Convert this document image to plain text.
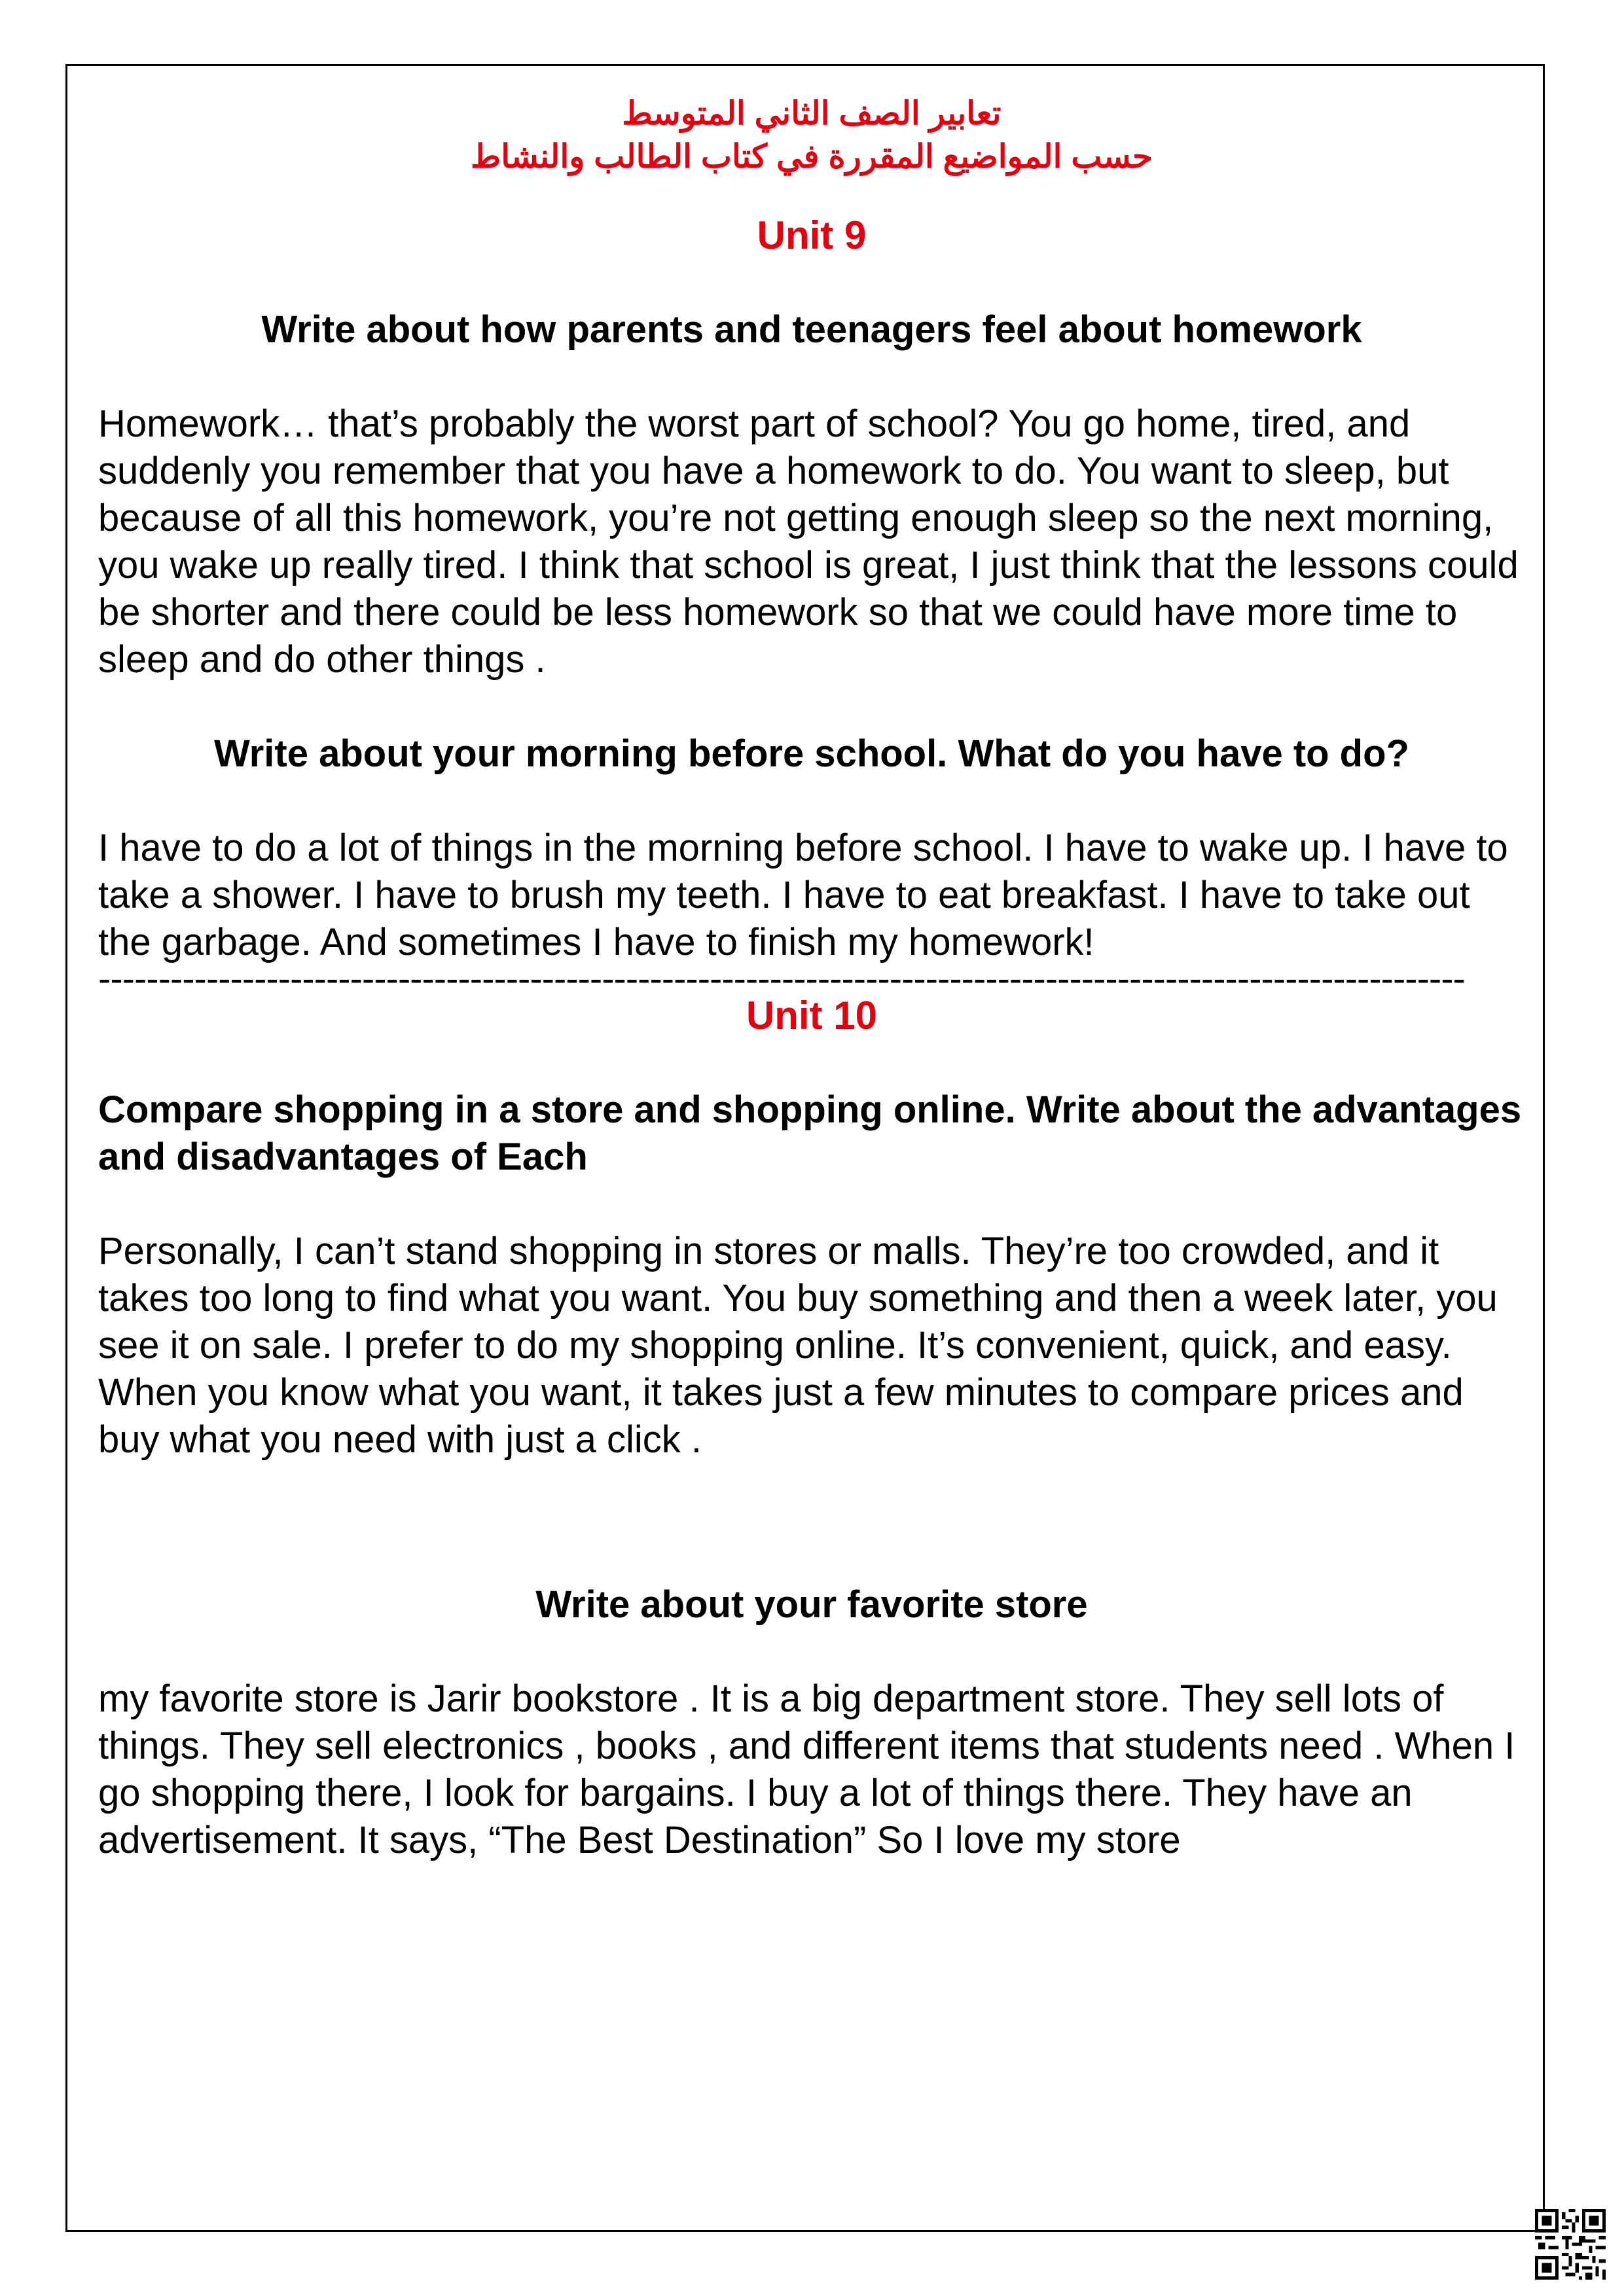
تعابير الصف الثاني المتوسط

حسب المواضيع المقررة في كتاب الطالب والنشاط

Unit 9

Write about how parents and teenagers feel about homework

Homework… that’s probably the worst part of school? You go home, tired, and suddenly you remember that you have a homework to do. You want to sleep, but because of all this homework, you’re not getting enough sleep so the next morning, you wake up really tired. I think that school is great, I just think that the lessons could be shorter and there could be less homework so that we could have more time to sleep and do other things .

Write about your morning before school. What do you have to do?

I have to do a lot of things in the morning before school. I have to wake up. I have to take a shower. I have to brush my teeth. I have to eat breakfast. I have to take out the garbage. And sometimes I have to finish my homework!

------------------------------------------------------------------------------------------------------------------

Unit 10

Compare shopping in a store and shopping online. Write about the advantages and disadvantages of Each

Personally, I can’t stand shopping in stores or malls. They’re too crowded, and it takes too long to find what you want. You buy something and then a week later, you see it on sale. I prefer to do my shopping online. It’s convenient, quick, and easy. When you know what you want, it takes just a few minutes to compare prices and buy what you need with just a click .

Write about your favorite store

my favorite store is Jarir bookstore . It is a big department store. They sell lots of things. They sell electronics , books , and different items that students need . When I go shopping there, I look for bargains. I buy a lot of things there. They have an advertisement. It says, “The Best Destination” So I love my store
